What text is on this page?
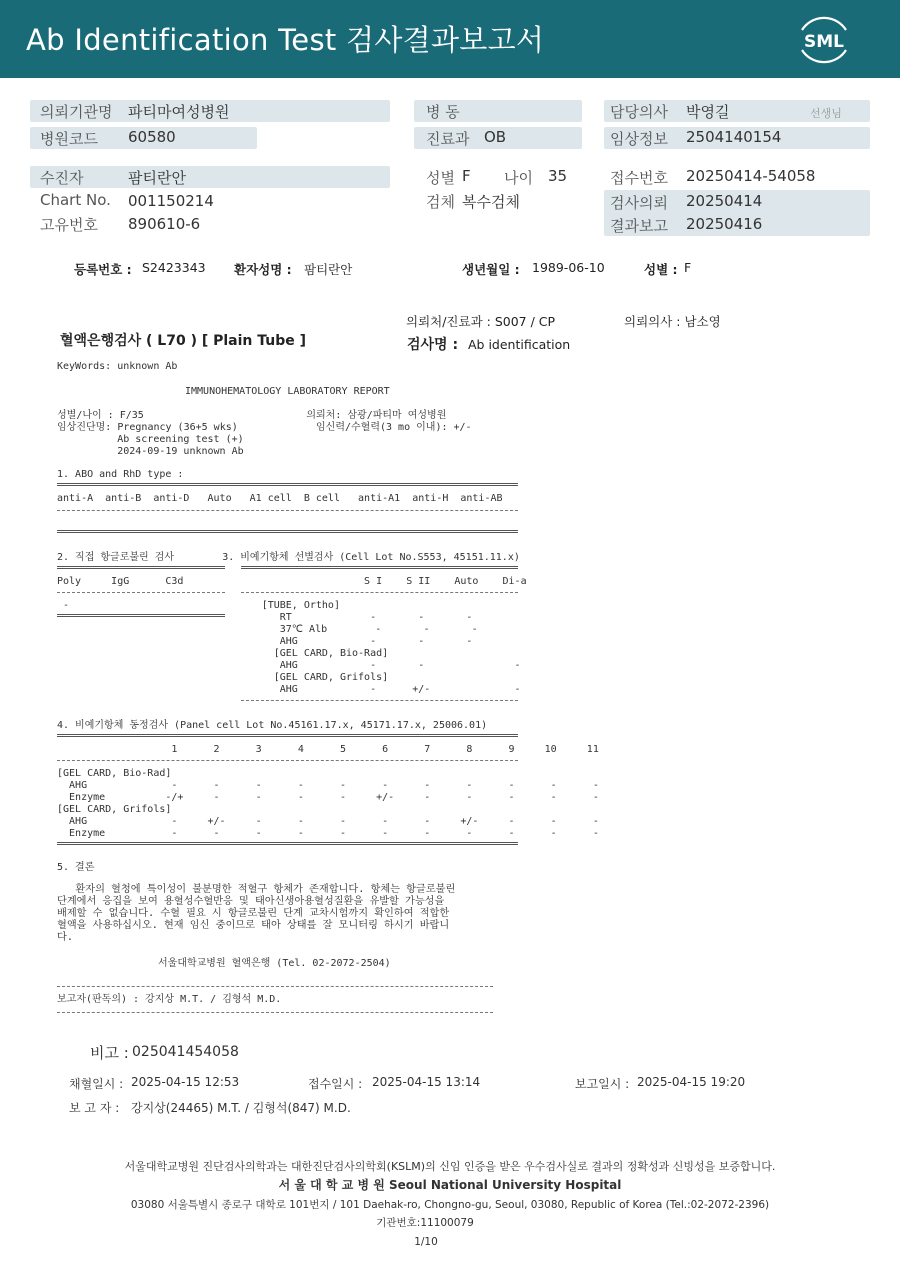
Ab Identification Test 검사결과보고서	SML
의뢰기관명 파티마여성병원	병 동	담당의사 박영길	선생님
병원코드 60580	진료과 OB	임상정보 2504140154
수진자	팜티란안	성별 F 나이 35	접수번호 20250414-54058
Chart No. 001150214	검체 복수검체	검사의뢰 20250414
고유번호 890610-6	결과보고 20250416
등록번호 : S2423343 환자성명 : 팜티란안	생년월일 : 1989-06-10	성별 : F
의뢰처/진료과 : S007 / CP	의뢰의사 : 남소영
혈액은행검사 ( L70 ) [ Plain Tube ]	검사명 : Ab identification
KeyWords: unknown Ab
IMMUNOHEMATOLOGY LABORATORY REPORT
성별/나이 : F/35                           의뢰처: 삼광/파티마 여성병원
임상진단명: Pregnancy (36+5 wks)             임신력/수혈력(3 mo 이내): +/-
Ab screening test (+)
2024-09-19 unknown Ab
1. ABO and RhD type :
anti-A  anti-B  anti-D   Auto   A1 cell  B cell   anti-A1  anti-H  anti-AB
2. 직접 항글로불린 검사        3. 비예기항체 선별검사 (Cell Lot No.S553, 45151.11.x)
Poly     IgG      C3d                              S I    S II    Auto    Di-a
-                                [TUBE, Ortho]
RT             -       -       -
37℃ Alb        -       -       -
AHG            -       -       -
[GEL CARD, Bio-Rad]
AHG            -       -               -
[GEL CARD, Grifols]
AHG            -      +/-              -
4. 비예기항체 동정검사 (Panel cell Lot No.45161.17.x, 45171.17.x, 25006.01)
1      2      3      4      5      6      7      8      9     10     11
[GEL CARD, Bio-Rad]
AHG              -      -      -      -      -      -      -      -      -      -      -
Enzyme          -/+     -      -      -      -     +/-     -      -      -      -      -
[GEL CARD, Grifols]
AHG              -     +/-     -      -      -      -      -     +/-     -      -      -
Enzyme           -      -      -      -      -      -      -      -      -      -      -
5. 결론
환자의 혈청에 특이성이 불분명한 적혈구 항체가 존재합니다. 항체는 항글로불린
단계에서 응집을 보여 용혈성수혈반응 및 태아신생아용혈성질환을 유발할 가능성을
배제할 수 없습니다. 수혈 필요 시 항글로불린 단계 교차시험까지 확인하여 적합한
혈액을 사용하십시오. 현재 임신 중이므로 태아 상태를 잘 모니터링 하시기 바랍니
다.
서울대학교병원 혈액은행 (Tel. 02-2072-2504)
보고자(판독의) : 강지상 M.T. / 김형석 M.D.
비고 : 025041454058
채혈일시 : 2025-04-15 12:53	접수일시 : 2025-04-15 13:14	보고일시 : 2025-04-15 19:20
보 고 자 : 강지상(24465) M.T. / 김형석(847) M.D.
서울대학교병원 진단검사의학과는 대한진단검사의학회(KSLM)의 신임 인증을 받은 우수검사실로 결과의 정확성과 신빙성을 보증합니다.
서 울 대 학 교 병 원 Seoul National University Hospital
03080 서울특별시 종로구 대학로 101번지 / 101 Daehak-ro, Chongno-gu, Seoul, 03080, Republic of Korea (Tel.:02-2072-2396)
기관번호:11100079
1/10
